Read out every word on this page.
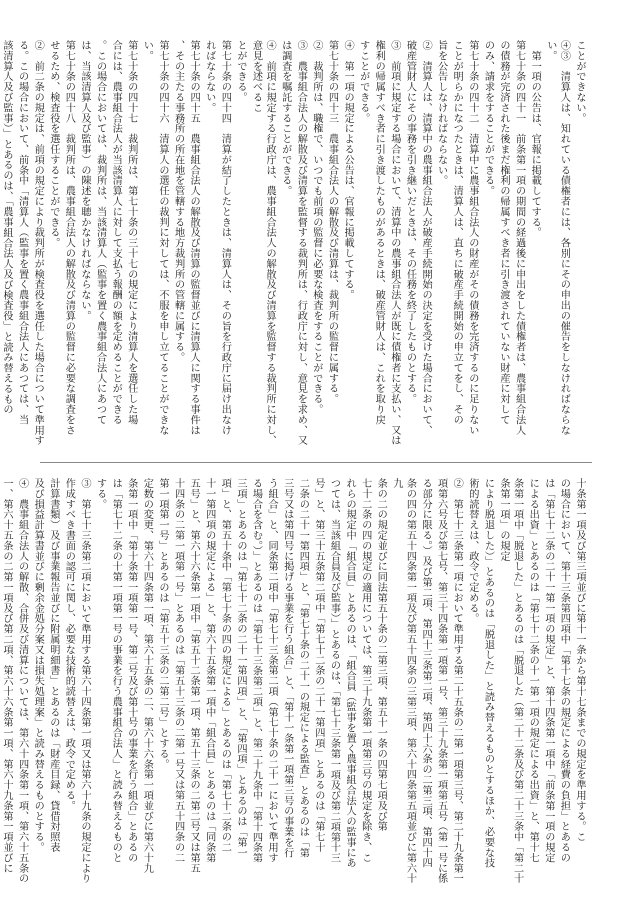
ことができない。
④③　清算人は、知れている債権者には、各別にその申出の催告をしなければならない。
　第一項の公告は、官報に掲載してする。
第七十条の四十一　前条第一項の期間の経過後に申出をした債権者は、農事組合法人
の債務が完済された後まだ権利の帰属すべき者に引き渡されていない財産に対して
のみ、請求をすることができる。
第七十条の四十二　清算中に農事組合法人の財産がその債務を完済するのに足りない
ことが明らかになつたときは、清算人は、直ちに破産手続開始の申立てをし、その
旨を公告しなければならない。
②　清算人は、清算中の農事組合法人が破産手続開始の決定を受けた場合において、
破産管財人にその事務を引き継いだときは、その任務を終了したものとする。
③　前項に規定する場合において、清算中の農事組合法人が既に債権者に支払い、又は
権利の帰属すべき者に引き渡したものがあるときは、破産管財人は、これを取り戻
すことができる。
④　第一項の規定による公告は、官報に掲載してする。
第七十条の四十三　農事組合法人の解散及び清算は、裁判所の監督に属する。
②　裁判所は、職権で、いつでも前項の監督に必要な検査をすることができる。
③　農事組合法人の解散及び清算を監督する裁判所は、行政庁に対し、意見を求め、又
は調査を嘱託することができる。
④　前項に規定する行政庁は、農事組合法人の解散及び清算を監督する裁判所に対し、意見を述べるこ
とができる。
第七十条の四十四　清算が結了したときは、清算人は、その旨を行政庁に届け出なけ
ればならない。
第七十条の四十五　農事組合法人の解散及び清算の監督並びに清算人に関する事件は
、その主たる事務所の所在地を管轄する地方裁判所の管轄に属する。
第七十条の四十六　清算人の選任の裁判に対しては、不服を申し立てることができな
い。
第七十条の四十七　裁判所は、第七十条の三十七の規定により清算人を選任した場
合には、農事組合法人が当該清算人に対して支払う報酬の額を定めることができる
。この場合においては、裁判所は、当該清算人（監事を置く農事組合法人にあつて
は、当該清算人及び監事）の陳述を聴かなければならない。
第七十条の四十八　裁判所は、農事組合法人の解散及び清算の監督に必要な調査をさ
せるため、検査役を選任することができる。
②　前二条の規定は、前項の規定により裁判所が検査役を選任した場合について準用す
る。この場合において、前条中「清算人（監事を置く農事組合法人にあつては、当
該清算人及び監事）」とあるのは、「農事組合法人及び検査役」と読み替えるもの
十条第一項及び第三項並びに第十一条から第十七条までの規定を準用する。こ
の場合において、第十三条第四項中「第十七条の規定による経費の負担」とあるの
は「第七十二条の二十一第一項の規定」と、第十四条第一項中「前条第一項の規定
による出資」とあるのは「第七十二条の十一第一項の規定による出資」と、第十七
条第一項中「脱退した」とあるのは「脱退した（第二十二条及び第二十三条中「第二十条第一項」の規定
により脱退した）」とあるのは「脱退した」と読み替えるものとするほか、必要な技
術的読替えは、政令で定める。
②　第七十三条第一項において準用する第二十五条の二第一項第三号、第二十九条第一
項第六号及び第七号、第三十四条第一項第一号、第三十九条第一項第五号（第一号に係
る部分に限る。）及び第二項、第四十三条第二項、第四十六条の二第三項、第四十四
条の四の第五十四条第一項及び第五十四条の三第三項、第六十四条第五項並びに第六十九
条の二の規定並びに同法第五十条の二第三項、第五十一条の四第七項及び第
七十二条の四の規定の適用については、第三十九条第一項第三号の規定を除き、こ
れらの規定中「組合員」とあるのは、「組合員（監事を置く農事組合法人の監事にあ
つては、当該組合員及び監事）」とあるのは、「第七十三条第一項及び第二項第十三
号」と、第三十五条第二項中「第七十二条の二十一第四項」とあるのは「第七十
二条の二十一第四項」と、「第七十条の二十一の規定による監査」とあるのは「第
三号又は第四号に掲げる事業を行う組合」と、「第十一条第一項第三号の事業を行
う組合」と、同条第二項中「第七十三条第二項（第七十条の二十一において準用す
る場合を含む。）」とあるのは「第七十三条第二項」と、第二十九条中「第十四条第
三項」とあるのは「第七十二条の二十一第四項」と、「第四項」とあるのは「第一
項」と、第五十条中「第七十条の四の規定による」とあるのは「第七十二条の二
十一第四項の規定による」と、第六十五条第一項中「組合員」とあるのは「同条第
五号」と、第六十六条第一項中「第五十二条第一項、第五十三条の二第二号又は第五
十四条の二第一項第一号」とあるのは「第五十三条の二第一号又は第五十四条の二
第一項第一号」とあるのは「第五十三条の二第二号」とする。
定数の変更、第六十四条第一項、第六十五条の二、第六十六条第一項並びに第六十九
条第一項中「第十条第一項第一号、第二号及び第十号の事業を行う組合」とあるの
は「第七十二条の十第一項第一号の事業を行う農事組合法人」と読み替えるものと
する。
③　第七十三条第二項において準用する第六十四条第一項又は第六十九条の規定により
作成すべき書面の認可に関し、必要な技術的読替えは、政令で定める。
計算書類）及び事業報告並びに附属明細書」とあるのは「財産目録、貸借対照表
及び損益計算書並びに剰余金処分案又は損失処理案」と読み替えるものとする。
④　農事組合法人の解散、合併及び清算については、第六十四条第一項、第六十五条の
一、第六十五条の二第一項及び第二項、第六十六条第一項、第六十九条第一項並びに
